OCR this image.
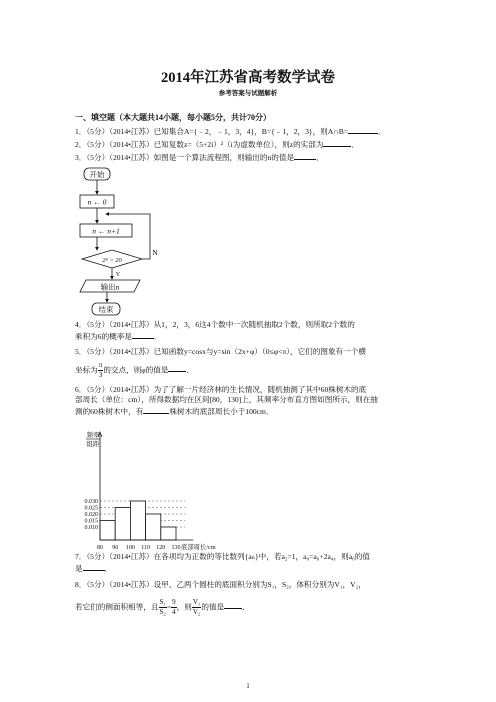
2014年江苏省高考数学试卷
参考答案与试题解析
一、填空题（本大题共14小题，每小题5分，共计70分）
1．（5分）（2014•江苏）已知集合A={﹣2，﹣1，3，4}，B={﹣1，2，3}，则A∩B=	．
2．（5分）（2014•江苏）已知复数z=（5+2i）²（i为虚数单位），则z的实部为	．
3．（5分）（2014•江苏）如图是一个算法流程图，则输出的n的值是	．
开始
n ← 0
n ← n+1
2ⁿ > 20
N
Y
输出n
结束
4．（5分）（2014•江苏）从1，2，3，6这4个数中一次随机抽取2个数，则所取2个数的
乘积为6的概率是	．
5．（5分）（2014•江苏）已知函数y=cosx与y=sin（2x+φ）（0≤φ<π），它们的图象有一个横
坐标为 $\frac{\pi}{3}$ 的交点，则φ的值是 ．
6．（5分）（2014•江苏）为了了解一片经济林的生长情况，随机抽测了其中60株树木的底
部周长（单位：cm），所得数据均在区间[80，130]上，其频率分布直方图如图所示，则在抽
测的60株树木中，有	株树木的底部周长小于100cm．
0.030
0.025
0.020
0.015
0.010
80 90 100 110 120 130
频率
组距
底部周长/cm
7．（5分）（2014•江苏）在各项均为正数的等比数列{aₙ}中，若a₂=1，a₈=a₆+2a₄，则a₆的值
是	．
8．（5分）（2014•江苏）设甲、乙两个圆柱的底面积分别为S₁，S₂，体积分别为V₁，V₂，
若它们的侧面积相等，且 $\frac{\text{S₁}}{\text{S₂}} = \frac{9}{4}$ ，则 $\frac{\text{V₁}}{\text{V₂}}$ 的值是 ．
1
